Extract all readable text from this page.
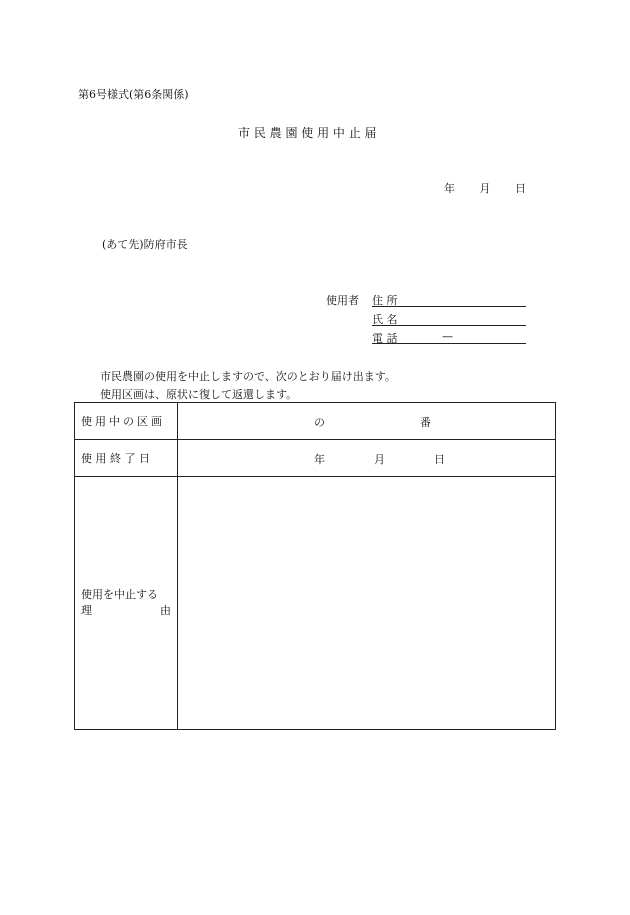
第6号様式(第6条関係)
市 民 農 園 使 用 中 止 届
年 月 日
(あて先)防府市長
使用者 住 所
氏 名
電 話	—
市民農園の使用を中止しますので、次のとおり届け出ます。
使用区画は、原状に復して返還します。
使用中の区画	の 番

使 用 終 了 日	年 月 日

使用を中止する
理 由	
